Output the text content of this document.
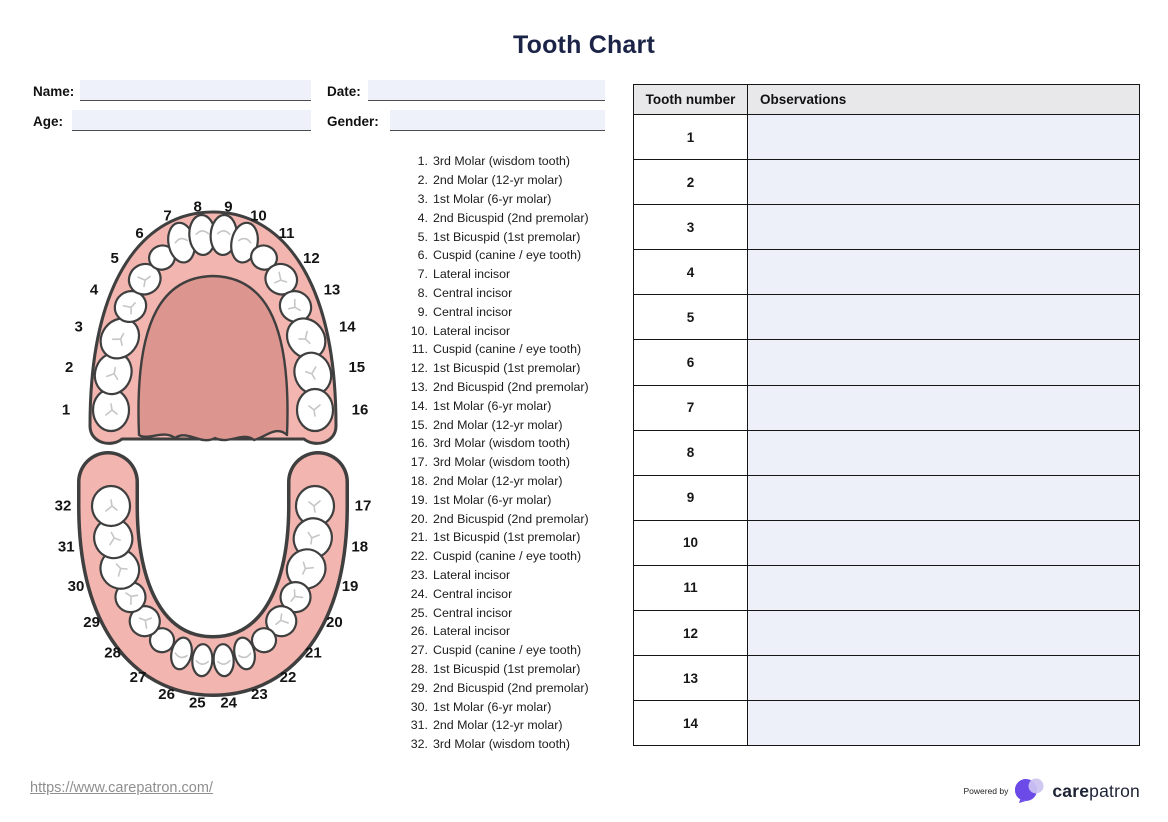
Tooth Chart
Name:	Date:
Age:	Gender:
1
2
3
4
5
6
7
8 9
10
11
12
13
14
15
16
17
18
19
20
21
22
23
24
25
26
27
28
29
30
31
32
1. 3rd Molar (wisdom tooth)
2. 2nd Molar (12-yr molar)
3. 1st Molar (6-yr molar)
4. 2nd Bicuspid (2nd premolar)
5. 1st Bicuspid (1st premolar)
6. Cuspid (canine / eye tooth)
7. Lateral incisor
8. Central incisor
9. Central incisor
10. Lateral incisor
11. Cuspid (canine / eye tooth)
12. 1st Bicuspid (1st premolar)
13. 2nd Bicuspid (2nd premolar)
14. 1st Molar (6-yr molar)
15. 2nd Molar (12-yr molar)
16. 3rd Molar (wisdom tooth)
17. 3rd Molar (wisdom tooth)
18. 2nd Molar (12-yr molar)
19. 1st Molar (6-yr molar)
20. 2nd Bicuspid (2nd premolar)
21. 1st Bicuspid (1st premolar)
22. Cuspid (canine / eye tooth)
23. Lateral incisor
24. Central incisor
25. Central incisor
26. Lateral incisor
27. Cuspid (canine / eye tooth)
28. 1st Bicuspid (1st premolar)
29. 2nd Bicuspid (2nd premolar)
30. 1st Molar (6-yr molar)
31. 2nd Molar (12-yr molar)
32. 3rd Molar (wisdom tooth)
Tooth number	Observations
1	
2	
3	
4	
5	
6	
7	
8	
9	
10	
11	
12	
13	
14	
https://www.carepatron.com/	Powered by	carepatron
